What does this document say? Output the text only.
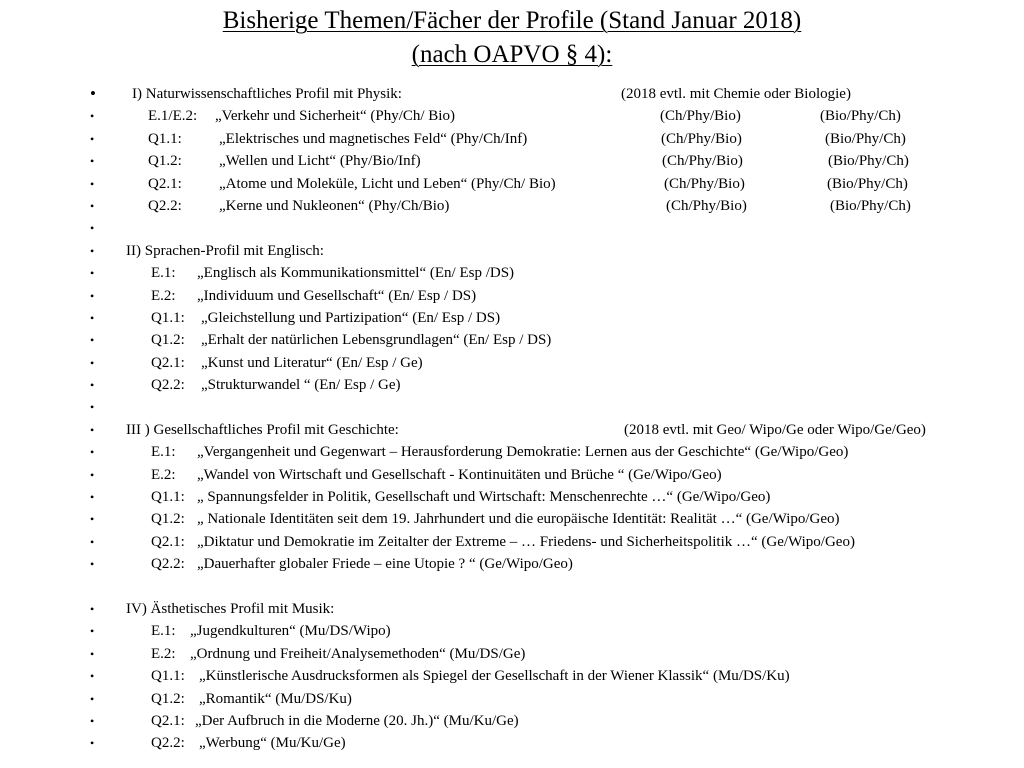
Bisherige Themen/Fächer der Profile (Stand Januar 2018)
(nach OAPVO § 4):
• I) Naturwissenschaftliches Profil mit Physik:	(2018 evtl. mit Chemie oder Biologie)
•	E.1/E.2: „Verkehr und Sicherheit“ (Phy/Ch/ Bio)	(Ch/Phy/Bio)	(Bio/Phy/Ch)
•	Q1.1: „Elektrisches und magnetisches Feld“ (Phy/Ch/Inf)	(Ch/Phy/Bio)	(Bio/Phy/Ch)
•	Q1.2: „Wellen und Licht“ (Phy/Bio/Inf)	(Ch/Phy/Bio)	(Bio/Phy/Ch)
•	Q2.1: „Atome und Moleküle, Licht und Leben“ (Phy/Ch/ Bio)	(Ch/Phy/Bio)	(Bio/Phy/Ch)
•	Q2.2: „Kerne und Nukleonen“ (Phy/Ch/Bio)	(Ch/Phy/Bio)	(Bio/Phy/Ch)
•
• II) Sprachen-Profil mit Englisch:
•	E.1: „Englisch als Kommunikationsmittel“ (En/ Esp /DS)
•	E.2: „Individuum und Gesellschaft“ (En/ Esp / DS)
•	Q1.1: „Gleichstellung und Partizipation“ (En/ Esp / DS)
•	Q1.2: „Erhalt der natürlichen Lebensgrundlagen“ (En/ Esp / DS)
•	Q2.1: „Kunst und Literatur“ (En/ Esp / Ge)
•	Q2.2: „Strukturwandel “ (En/ Esp / Ge)
•
• III ) Gesellschaftliches Profil mit Geschichte:	(2018 evtl. mit Geo/ Wipo/Ge oder Wipo/Ge/Geo)
•	E.1: „Vergangenheit und Gegenwart – Herausforderung Demokratie: Lernen aus der Geschichte“ (Ge/Wipo/Geo)
•	E.2: „Wandel von Wirtschaft und Gesellschaft - Kontinuitäten und Brüche “ (Ge/Wipo/Geo)
•	Q1.1: „ Spannungsfelder in Politik, Gesellschaft und Wirtschaft: Menschenrechte …“ (Ge/Wipo/Geo)
•	Q1.2: „ Nationale Identitäten seit dem 19. Jahrhundert und die europäische Identität: Realität …“ (Ge/Wipo/Geo)
•	Q2.1: „Diktatur und Demokratie im Zeitalter der Extreme – … Friedens- und Sicherheitspolitik …“ (Ge/Wipo/Geo)
•	Q2.2: „Dauerhafter globaler Friede – eine Utopie ? “ (Ge/Wipo/Geo)
• IV) Ästhetisches Profil mit Musik:
•	E.1: „Jugendkulturen“ (Mu/DS/Wipo)
•	E.2: „Ordnung und Freiheit/Analysemethoden“ (Mu/DS/Ge)
•	Q1.1: „Künstlerische Ausdrucksformen als Spiegel der Gesellschaft in der Wiener Klassik“ (Mu/DS/Ku)
•	Q1.2: „Romantik“ (Mu/DS/Ku)
•	Q2.1: „Der Aufbruch in die Moderne (20. Jh.)“ (Mu/Ku/Ge)
•	Q2.2: „Werbung“ (Mu/Ku/Ge)
